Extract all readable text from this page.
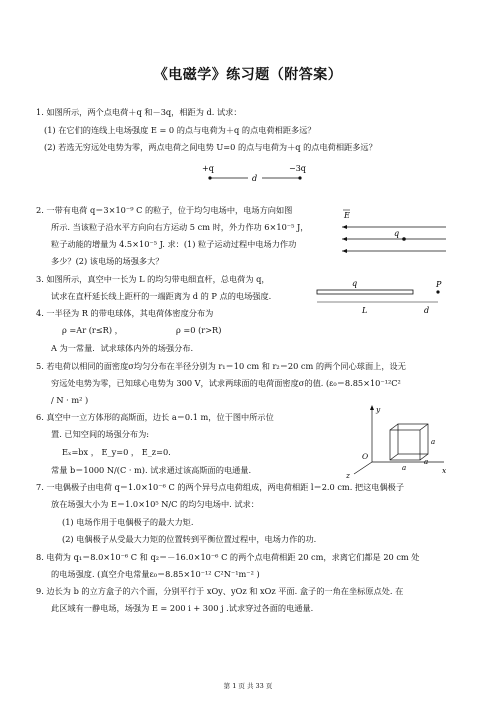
《电磁学》练习题（附答案）
1. 如图所示，两个点电荷＋q 和－3q，相距为 d. 试求：
(1) 在它们的连线上电场强度 E = 0 的点与电荷为＋q 的点电荷相距多远？
(2) 若选无穷远处电势为零，两点电荷之间电势 U=0 的点与电荷为＋q 的点电荷相距多远？
+q	−3q
d
2. 一带有电荷 q＝3×10⁻⁹ C 的粒子，位于均匀电场中，电场方向如图
所示. 当该粒子沿水平方向向右方运动 5 cm 时，外力作功 6×10⁻⁵ J，
粒子动能的增量为 4.5×10⁻⁵ J. 求：(1) 粒子运动过程中电场力作功
多少？(2) 该电场的场强多大？
E
q
3. 如图所示，真空中一长为 L 的均匀带电细直杆，总电荷为 q，
试求在直杆延长线上距杆的一端距离为 d 的 P 点的电场强度.
q	P
L	d
4. 一半径为 R 的带电球体，其电荷体密度分布为
ρ =Ar (r≤R) ，	ρ =0 (r>R)
A 为一常量．试求球体内外的场强分布.
5. 若电荷以相同的面密度σ均匀分布在半径分别为 r₁＝10 cm 和 r₂＝20 cm 的两个同心球面上，设无
穷远处电势为零，已知球心电势为 300 V，试求两球面的电荷面密度σ的值. (ε₀＝8.85×10⁻¹²C²
/ N · m² )
6. 真空中一立方体形的高斯面，边长 a＝0.1 m，位于图中所示位
置. 已知空间的场强分布为:
Eₓ=bx ， E_y=0 ， E_z=0.
常量 b＝1000 N/(C · m). 试求通过该高斯面的电通量.
y
x
z
O
a
a
a
7. 一电偶极子由电荷 q＝1.0×10⁻⁶ C 的两个异号点电荷组成，两电荷相距 l＝2.0 cm. 把这电偶极子
放在场强大小为 E＝1.0×10⁵ N/C 的均匀电场中. 试求：
(1) 电场作用于电偶极子的最大力矩.
(2) 电偶极子从受最大力矩的位置转到平衡位置过程中，电场力作的功.
8. 电荷为 q₁＝8.0×10⁻⁶ C 和 q₂＝－16.0×10⁻⁶ C 的两个点电荷相距 20 cm，求离它们都是 20 cm 处
的电场强度. (真空介电常量ε₀＝8.85×10⁻¹² C²N⁻¹m⁻² )
9. 边长为 b 的立方盒子的六个面，分别平行于 xOy、yOz 和 xOz 平面. 盒子的一角在坐标原点处. 在
此区域有一静电场，场强为 E = 200 i + 300 j .试求穿过各面的电通量.
第 1 页 共 33 页
